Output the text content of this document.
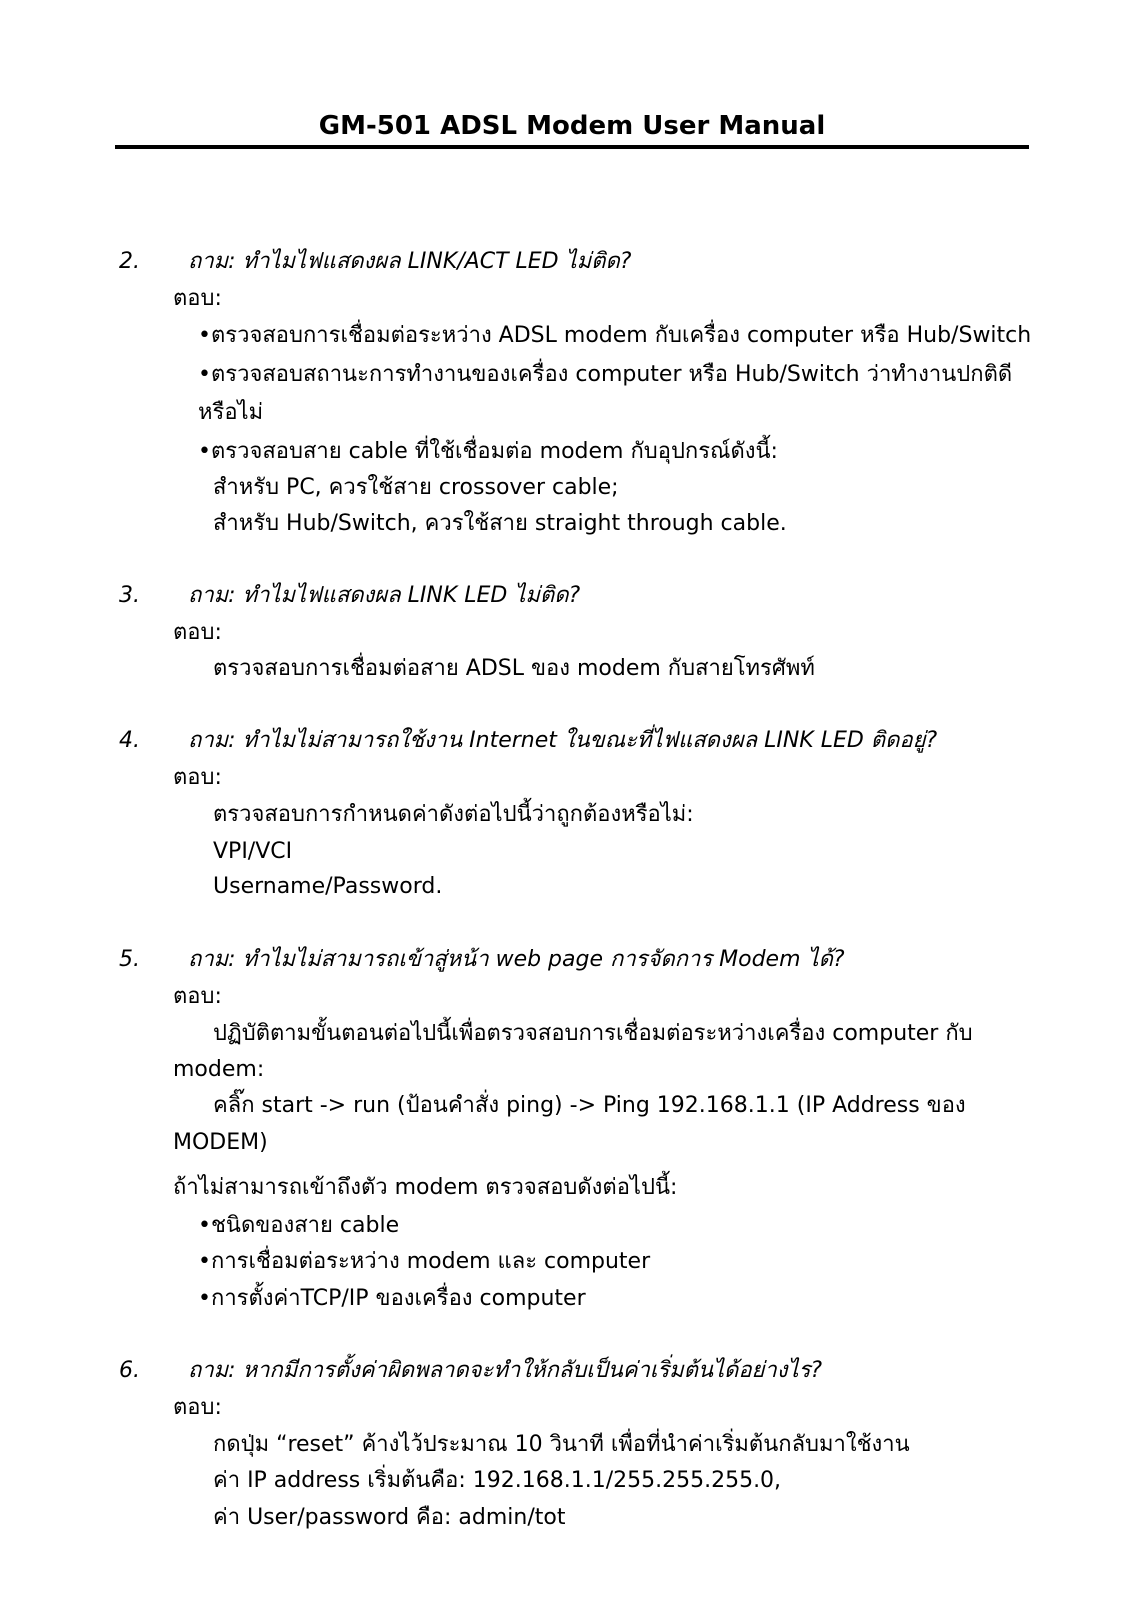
GM-501 ADSL Modem User Manual
2. ถาม: ทำไมไฟแสดงผล LINK/ACT LED ไม่ติด?
ตอบ:
•ตรวจสอบการเชื่อมต่อระหว่าง ADSL modem กับเครื่อง computer หรือ Hub/Switch
•ตรวจสอบสถานะการทำงานของเครื่อง computer หรือ Hub/Switch ว่าทำงานปกติดี
หรือไม่
•ตรวจสอบสาย cable ที่ใช้เชื่อมต่อ modem กับอุปกรณ์ดังนี้:
สำหรับ PC, ควรใช้สาย crossover cable;
สำหรับ Hub/Switch, ควรใช้สาย straight through cable.
3. ถาม: ทำไมไฟแสดงผล LINK LED ไม่ติด?
ตอบ:
ตรวจสอบการเชื่อมต่อสาย ADSL ของ modem กับสายโทรศัพท์
4. ถาม: ทำไมไม่สามารถใช้งาน Internet ในขณะที่ไฟแสดงผล LINK LED ติดอยู่?
ตอบ:
ตรวจสอบการกำหนดค่าดังต่อไปนี้ว่าถูกต้องหรือไม่:
VPI/VCI
Username/Password.
5. ถาม: ทำไมไม่สามารถเข้าสู่หน้า web page การจัดการ Modem ได้?
ตอบ:
ปฏิบัติตามขั้นตอนต่อไปนี้เพื่อตรวจสอบการเชื่อมต่อระหว่างเครื่อง computer กับ
modem:
คลิ๊ก start -> run (ป้อนคำสั่ง ping) -> Ping 192.168.1.1 (IP Address ของ
MODEM)
ถ้าไม่สามารถเข้าถึงตัว modem ตรวจสอบดังต่อไปนี้:
•ชนิดของสาย cable
•การเชื่อมต่อระหว่าง modem และ computer
•การตั้งค่าTCP/IP ของเครื่อง computer
6. ถาม: หากมีการตั้งค่าผิดพลาดจะทำให้กลับเป็นค่าเริ่มต้นได้อย่างไร?
ตอบ:
กดปุ่ม “reset” ค้างไว้ประมาณ 10 วินาที เพื่อที่นำค่าเริ่มต้นกลับมาใช้งาน
ค่า IP address เริ่มต้นคือ: 192.168.1.1/255.255.255.0,
ค่า User/password คือ: admin/tot
